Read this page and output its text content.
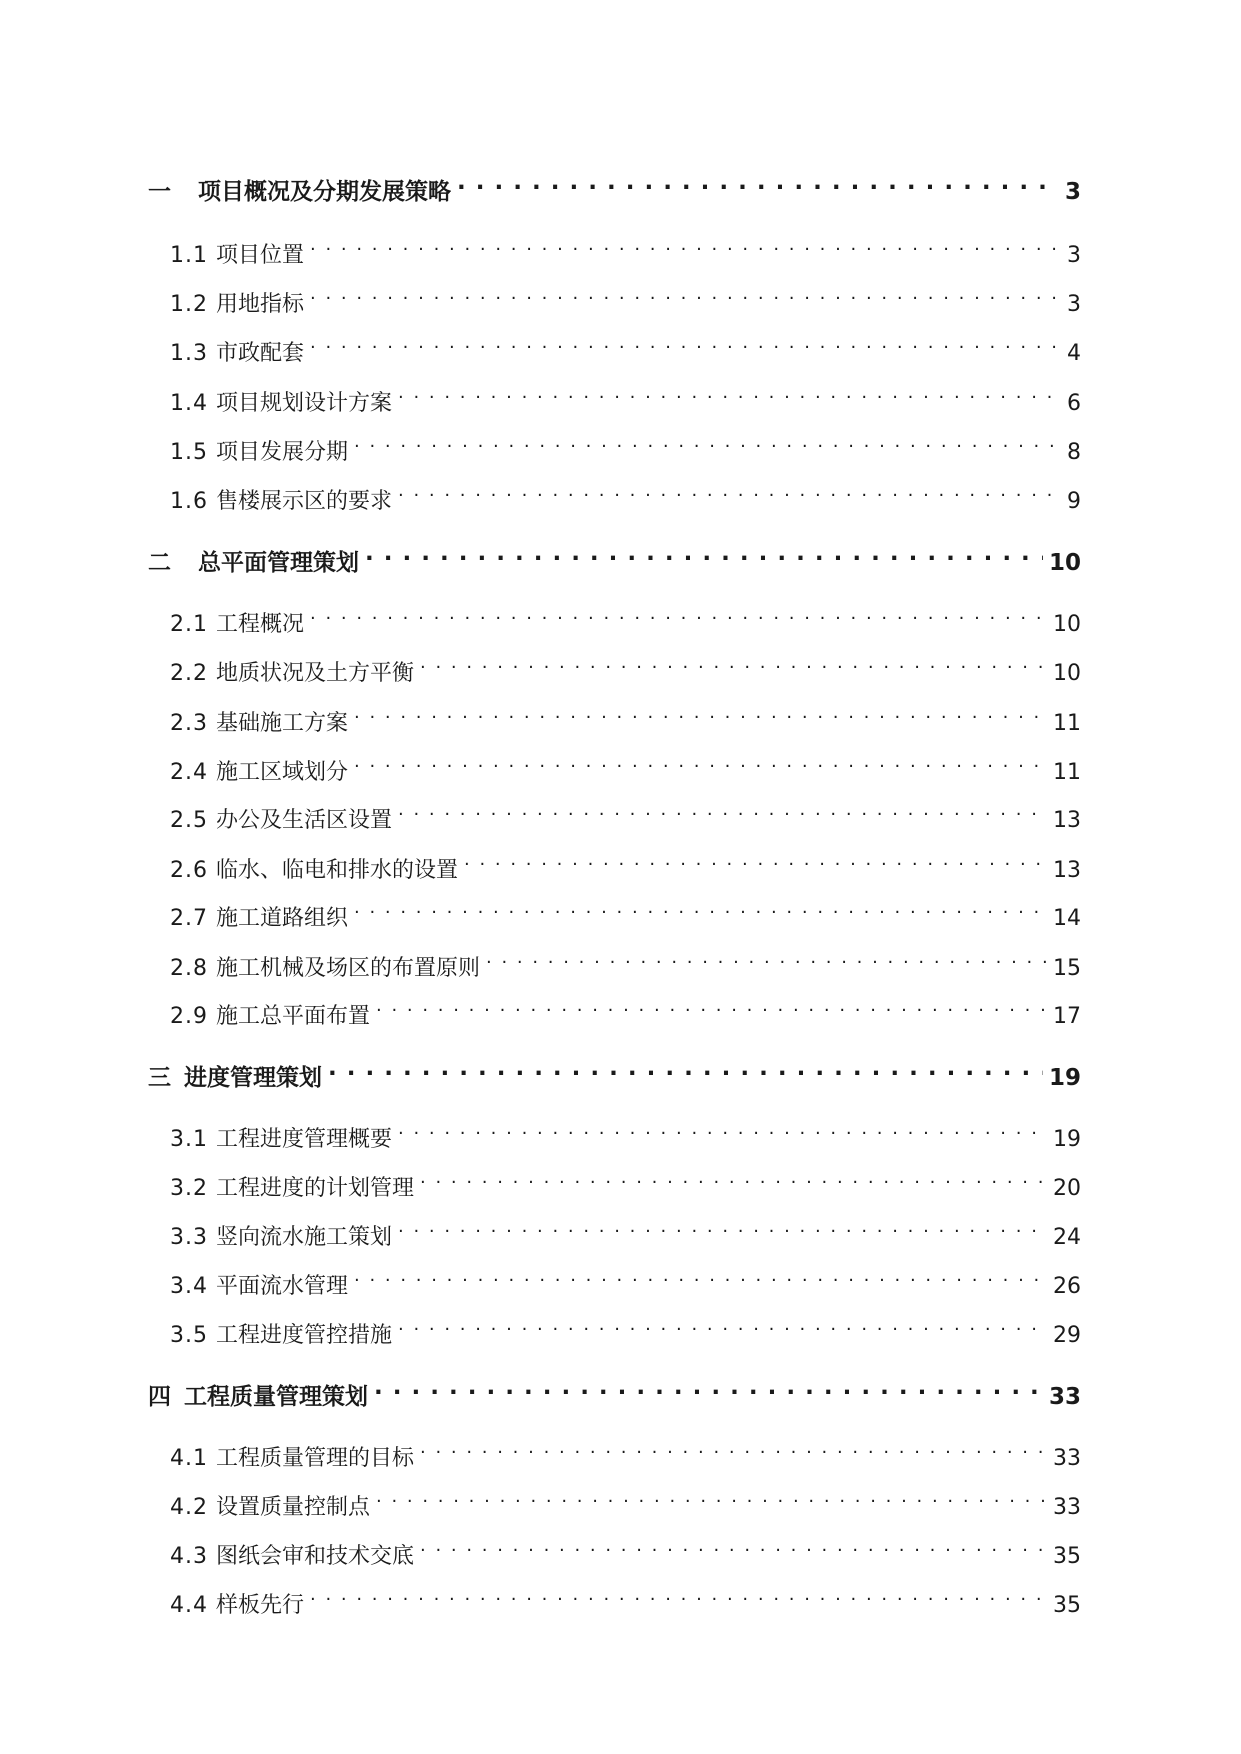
一	项目概况及分期发展策略 . . .	3
1.1 项目位置 . . .	3
1.2 用地指标 . . .	3
1.3 市政配套 . . .	4
1.4 项目规划设计方案 . . .	6
1.5 项目发展分期 . . .	8
1.6 售楼展示区的要求 . . .	9
二	总平面管理策划 . . .	10
2.1 工程概况 . . .	10
2.2 地质状况及土方平衡 . . .	10
2.3 基础施工方案 . . .	11
2.4 施工区域划分 . . .	11
2.5 办公及生活区设置 . . .	13
2.6 临水、临电和排水的设置 . . .	13
2.7 施工道路组织 . . .	14
2.8 施工机械及场区的布置原则 . . .	15
2.9 施工总平面布置 . . .	17
三 进度管理策划 . . .	19
3.1 工程进度管理概要 . . .	19
3.2 工程进度的计划管理 . . .	20
3.3 竖向流水施工策划 . . .	24
3.4 平面流水管理 . . .	26
3.5 工程进度管控措施 . . .	29
四 工程质量管理策划 . . .	33
4.1 工程质量管理的目标 . . .	33
4.2 设置质量控制点 . . .	33
4.3 图纸会审和技术交底 . . .	35
4.4 样板先行 . . .	35
